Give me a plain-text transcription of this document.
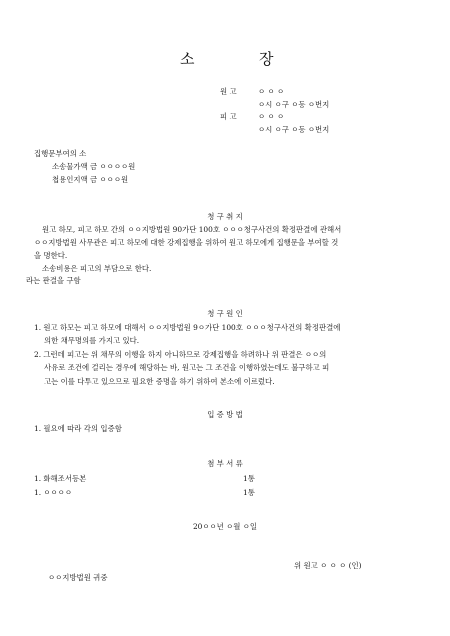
소	장
원 고	ㅇ ㅇ ㅇ
ㅇ시 ㅇ구 ㅇ동 ㅇ번지
피 고	ㅇ ㅇ ㅇ
ㅇ시 ㅇ구 ㅇ동 ㅇ번지
집행문부여의 소
소송물가액 금 ㅇㅇㅇㅇ원
첩용인지액 금 ㅇㅇㅇ원
청 구 취 지
원고 하모, 피고 하모 간의 ㅇㅇ지방법원 90가단 100호 ㅇㅇㅇ청구사건의 확정판결에 관해서
ㅇㅇ지방법원 사무관은 피고 하모에 대한 강제집행을 위하여 원고 하모에게 집행문을 부여할 것
을 명한다.
소송비용은 피고의 부담으로 한다.
라는 판결을 구함
청 구 원 인
1. 원고 하모는 피고 하모에 대해서 ㅇㅇ지방법원 9ㅇ가단 100호 ㅇㅇㅇ청구사건의 확정판결에
의한 채무명의를 가지고 있다.
2. 그런데 피고는 위 채무의 이행을 하지 아니하므로 강제집행을 하려하나 위 판결은 ㅇㅇ의
사유로 조건에 걸리는 경우에 해당하는 바, 원고는 그 조건을 이행하였는데도 불구하고 피
고는 이를 다투고 있으므로 필요한 증명을 하기 위하여 본소에 이르렀다.
입 증 방 법
1. 필요에 따라 각의 입증함
첨 부 서 류
1. 화해조서등본	1통
1. ㅇㅇㅇㅇ	1통
20ㅇㅇ년 ㅇ월 ㅇ일
위 원고 ㅇ ㅇ ㅇ (인)
ㅇㅇ지방법원 귀중
